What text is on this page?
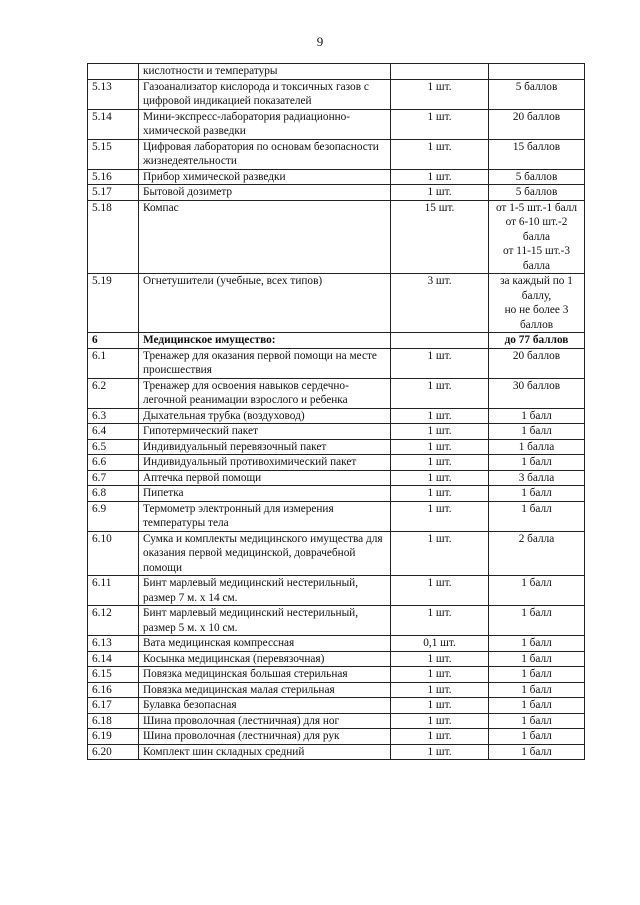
9
	кислотности и температуры		
5.13	Газоанализатор кислорода и токсичных газов с цифровой индикацией показателей	1 шт.	5 баллов
5.14	Мини-экспресс-лаборатория радиационно-химической разведки	1 шт.	20 баллов
5.15	Цифровая лаборатория по основам безопасности жизнедеятельности	1 шт.	15 баллов
5.16	Прибор химической разведки	1 шт.	5 баллов
5.17	Бытовой дозиметр	1 шт.	5 баллов
5.18	Компас	15 шт.	от 1-5 шт.-1 балл
от 6-10 шт.-2 балла
от 11-15 шт.-3 балла
5.19	Огнетушители (учебные, всех типов)	3 шт.	за каждый по 1 баллу,
но не более 3 баллов
6	Медицинское имущество:		до 77 баллов
6.1	Тренажер для оказания первой помощи на месте происшествия	1 шт.	20 баллов
6.2	Тренажер для освоения навыков сердечно-легочной реанимации взрослого и ребенка	1 шт.	30 баллов
6.3	Дыхательная трубка (воздуховод)	1 шт.	1 балл
6.4	Гипотермический пакет	1 шт.	1 балл
6.5	Индивидуальный перевязочный пакет	1 шт.	1 балла
6.6	Индивидуальный противохимический пакет	1 шт.	1 балл
6.7	Аптечка первой помощи	1 шт.	3 балла
6.8	Пипетка	1 шт.	1 балл
6.9	Термометр электронный для измерения температуры тела	1 шт.	1 балл
6.10	Сумка и комплекты медицинского имущества для оказания первой медицинской, доврачебной помощи	1 шт.	2 балла
6.11	Бинт марлевый медицинский нестерильный, размер 7 м. х 14 см.	1 шт.	1 балл
6.12	Бинт марлевый медицинский нестерильный, размер 5 м. х 10 см.	1 шт.	1 балл
6.13	Вата медицинская компрессная	0,1 шт.	1 балл
6.14	Косынка медицинская (перевязочная)	1 шт.	1 балл
6.15	Повязка медицинская большая стерильная	1 шт.	1 балл
6.16	Повязка медицинская малая стерильная	1 шт.	1 балл
6.17	Булавка безопасная	1 шт.	1 балл
6.18	Шина проволочная (лестничная) для ног	1 шт.	1 балл
6.19	Шина проволочная (лестничная) для рук	1 шт.	1 балл
6.20	Комплект шин складных средний	1 шт.	1 балл
